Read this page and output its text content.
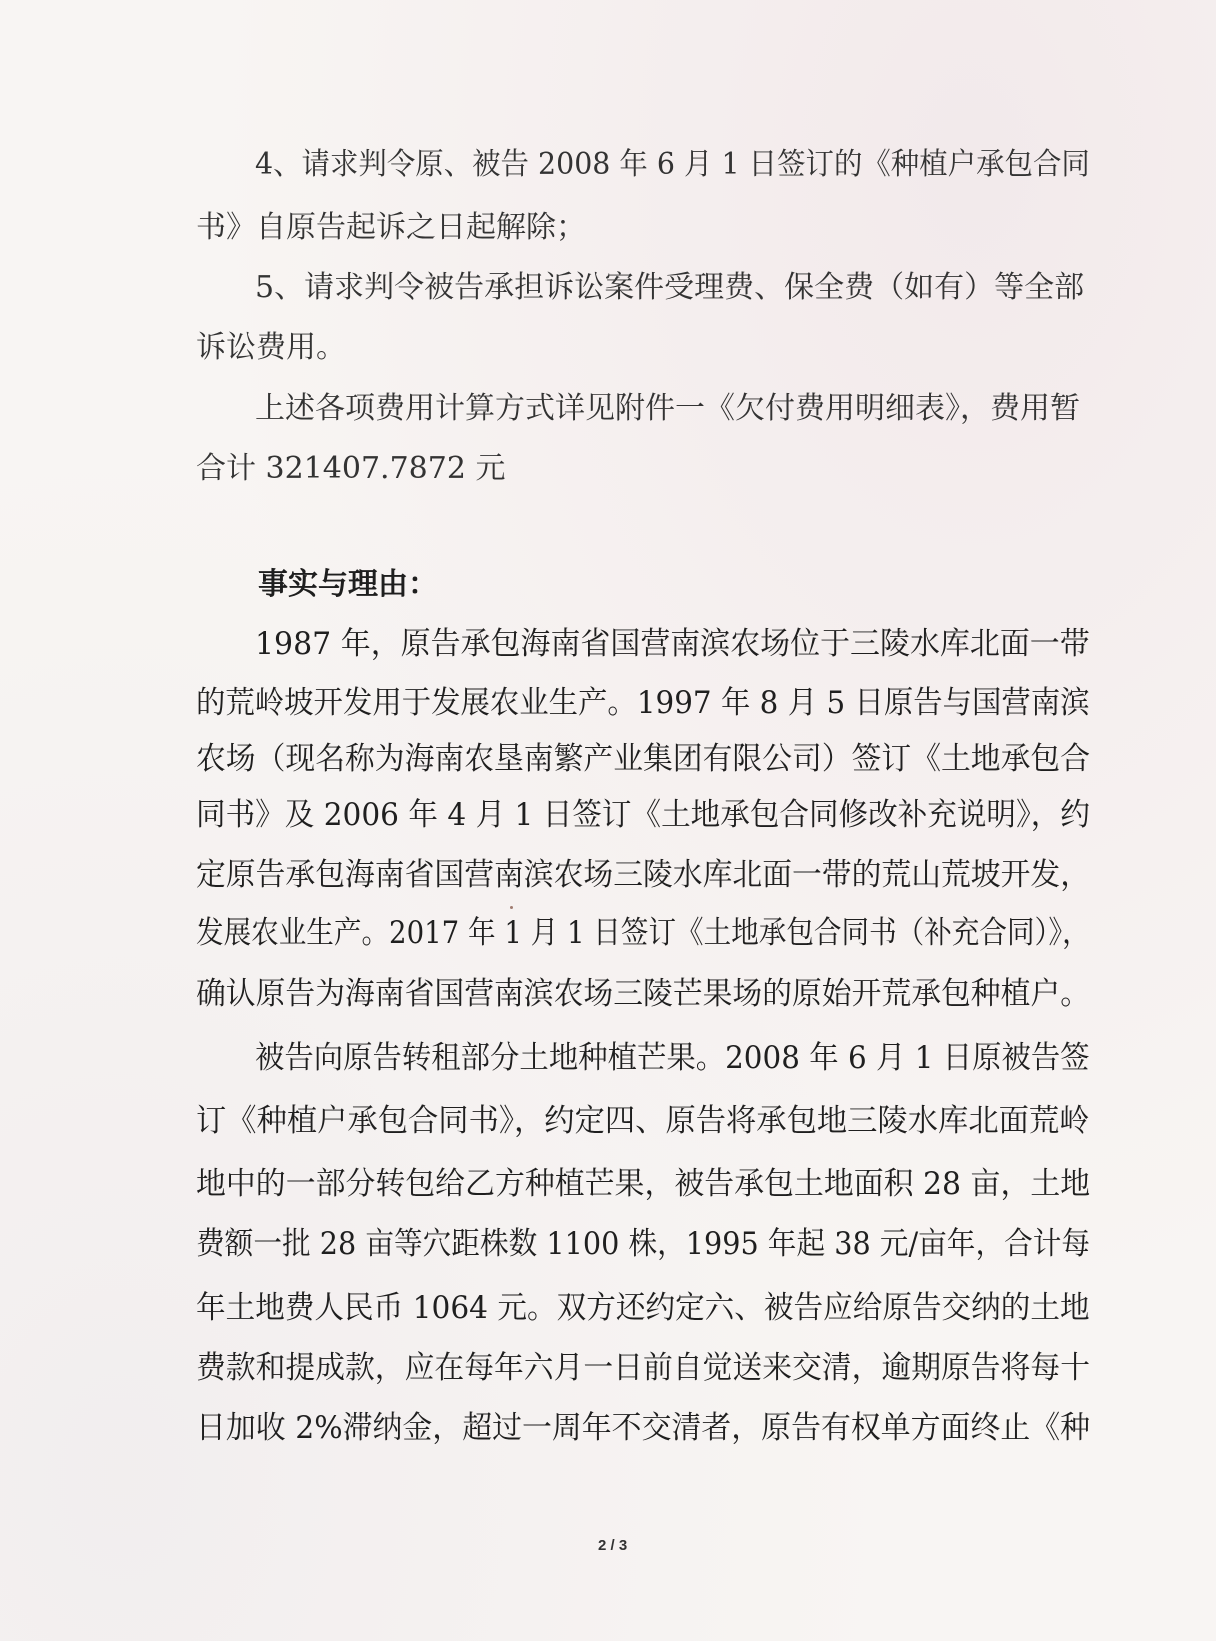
4、请求判令原、被告 2008 年 6 月 1 日签订的《种植户承包合同
书》自原告起诉之日起解除；
5、请求判令被告承担诉讼案件受理费、保全费（如有）等全部
诉讼费用。
上述各项费用计算方式详见附件一《欠付费用明细表》，费用暂
合计 321407.7872 元
事实与理由：
1987 年，原告承包海南省国营南滨农场位于三陵水库北面一带
的荒岭坡开发用于发展农业生产。1997 年 8 月 5 日原告与国营南滨
农场（现名称为海南农垦南繁产业集团有限公司）签订《土地承包合
同书》及 2006 年 4 月 1 日签订《土地承包合同修改补充说明》，约
定原告承包海南省国营南滨农场三陵水库北面一带的荒山荒坡开发，
发展农业生产。2017 年 1 月 1 日签订《土地承包合同书（补充合同）》，
确认原告为海南省国营南滨农场三陵芒果场的原始开荒承包种植户。
被告向原告转租部分土地种植芒果。2008 年 6 月 1 日原被告签
订《种植户承包合同书》，约定四、原告将承包地三陵水库北面荒岭
地中的一部分转包给乙方种植芒果，被告承包土地面积 28 亩，土地
费额一批 28 亩等穴距株数 1100 株，1995 年起 38 元/亩年，合计每
年土地费人民币 1064 元。双方还约定六、被告应给原告交纳的土地
费款和提成款，应在每年六月一日前自觉送来交清，逾期原告将每十
日加收 2%滞纳金，超过一周年不交清者，原告有权单方面终止《种
2 / 3
